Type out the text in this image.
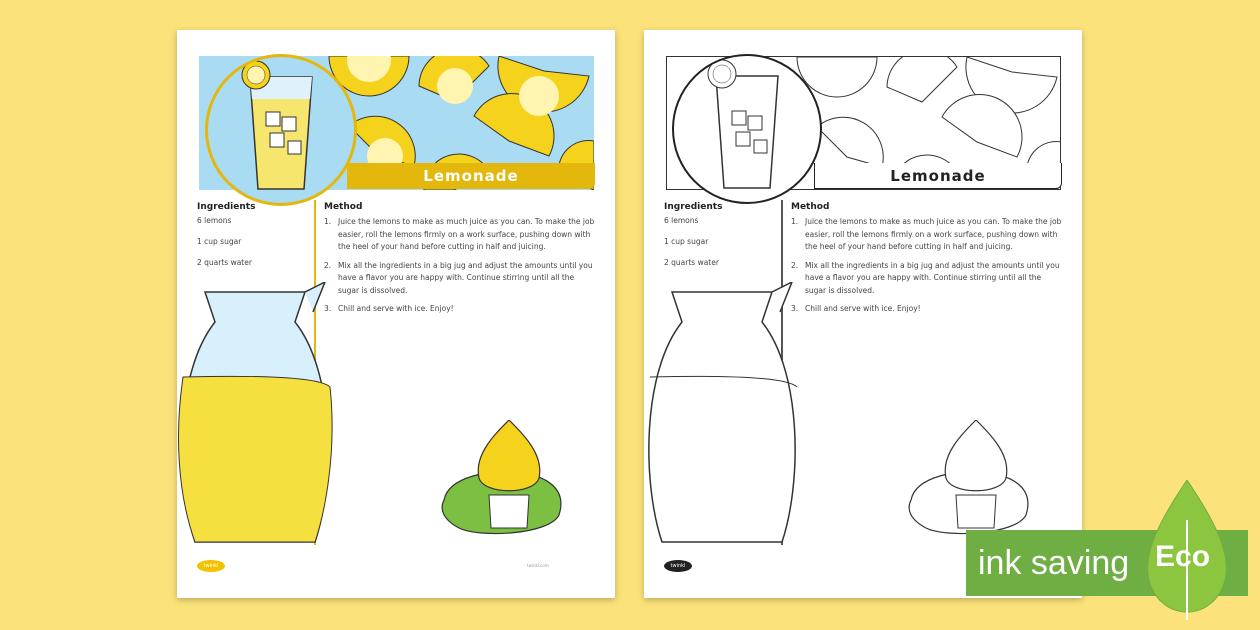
Lemonade
Ingredients

6 lemons

1 cup sugar

2 quarts water

Method
1. Juice the lemons to make as much juice as you can. To make the job easier, roll the lemons firmly on a work surface, pushing down with the heel of your hand before cutting in half and juicing.
2. Mix all the ingredients in a big jug and adjust the amounts until you have a flavor you are happy with. Continue stirring until all the sugar is dissolved.
3. Chill and serve with ice. Enjoy!
twinkl	twinkl.com
Lemonade
Ingredients

6 lemons

1 cup sugar

2 quarts water

Method
1. Juice the lemons to make as much juice as you can. To make the job easier, roll the lemons firmly on a work surface, pushing down with the heel of your hand before cutting in half and juicing.
2. Mix all the ingredients in a big jug and adjust the amounts until you have a flavor you are happy with. Continue stirring until all the sugar is dissolved.
3. Chill and serve with ice. Enjoy!
twinkl	ink saving Eco
